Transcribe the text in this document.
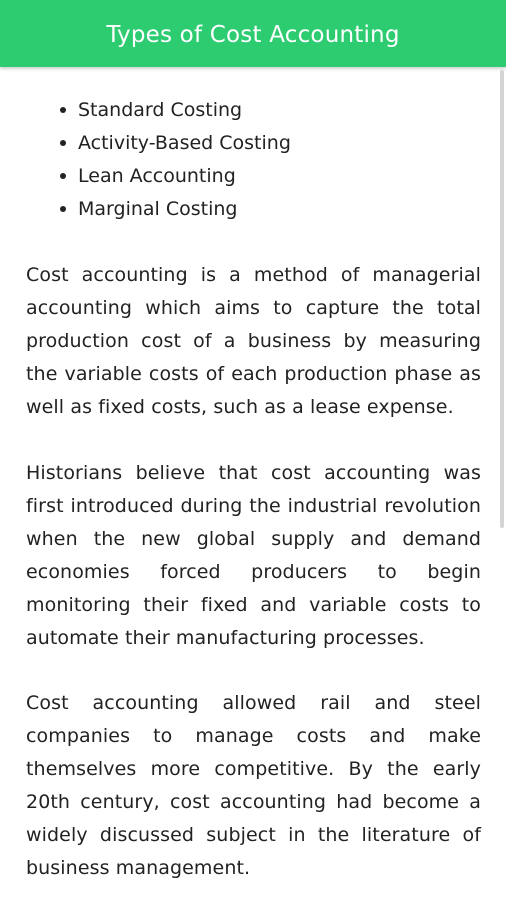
Types of Cost Accounting
Standard Costing
Activity-Based Costing
Lean Accounting
Marginal Costing

Cost accounting is a method of managerial accounting which aims to capture the total production cost of a business by measuring the variable costs of each production phase as well as fixed costs, such as a lease expense.

Historians believe that cost accounting was first introduced during the industrial revolution when the new global supply and demand economies forced producers to begin monitoring their fixed and variable costs to automate their manufacturing processes.

Cost accounting allowed rail and steel companies to manage costs and make themselves more competitive. By the early 20th century, cost accounting had become a widely discussed subject in the literature of business management.
